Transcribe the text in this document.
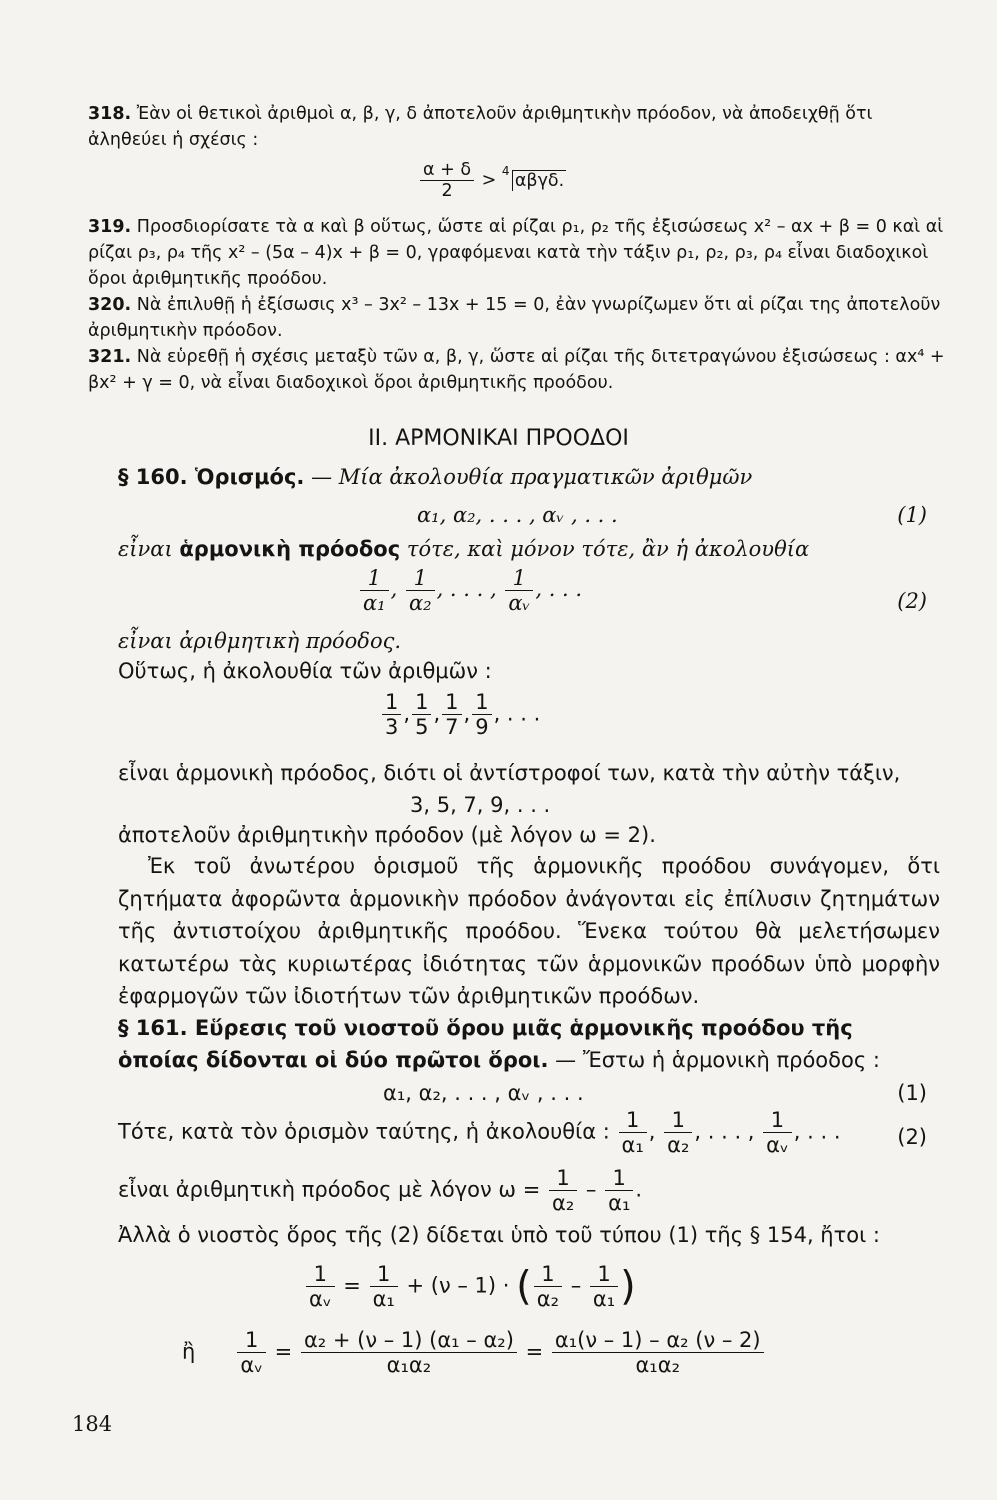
318. Ἐὰν οἱ θετικοὶ ἀριθμοὶ α, β, γ, δ ἀποτελοῦν ἀριθμητικὴν πρόοδον, νὰ ἀποδειχθῇ ὅτι ἀληθεύει ἡ σχέσις :
$\frac{\alpha + \delta}{2} > 4$ αβγδ.
319. Προσδιορίσατε τὰ α καὶ β οὕτως, ὥστε αἱ ρίζαι ρ₁, ρ₂ τῆς ἐξισώσεως x² – αx + β = 0 καὶ αἱ ρίζαι ρ₃, ρ₄ τῆς x² – (5α – 4)x + β = 0, γραφόμεναι κατὰ τὴν τάξιν ρ₁, ρ₂, ρ₃, ρ₄ εἶναι διαδοχικοὶ ὅροι ἀριθμητικῆς προόδου.
320. Νὰ ἐπιλυθῇ ἡ ἐξίσωσις x³ – 3x² – 13x + 15 = 0, ἐὰν γνωρίζωμεν ὅτι αἱ ρίζαι της ἀποτελοῦν ἀριθμητικὴν πρόοδον.
321. Νὰ εὑρεθῇ ἡ σχέσις μεταξὺ τῶν α, β, γ, ὥστε αἱ ρίζαι τῆς διτετραγώνου ἐξισώσεως : αx⁴ + βx² + γ = 0, νὰ εἶναι διαδοχικοὶ ὅροι ἀριθμητικῆς προόδου.
II. ΑΡΜΟΝΙΚΑΙ ΠΡΟΟΔΟΙ
§ 160. Ὁρισμός. — Μία ἀκολουθία πραγματικῶν ἀριθμῶν
α₁, α₂, . . . , αᵥ , . . .	(1)
εἶναι ἁρμονικὴ πρόοδος τότε, καὶ μόνον τότε, ἂν ἡ ἀκολουθία
$\frac{1}{\text{α₁}}$ , $\frac{1}{\text{α₂}}$ , . . . , $\frac{1}{\text{αᵥ}}$ , . . .	(2)
εἶναι ἀριθμητικὴ πρόοδος.
Οὕτως, ἡ ἀκολουθία τῶν ἀριθμῶν :
$\frac{1}{3}$ , $\frac{1}{5}$ , $\frac{1}{7}$ , $\frac{1}{9}$ , . . .
εἶναι ἁρμονικὴ πρόοδος, διότι οἱ ἀντίστροφοί των, κατὰ τὴν αὐτὴν τάξιν,
3, 5, 7, 9, . . .
ἀποτελοῦν ἀριθμητικὴν πρόοδον (μὲ λόγον ω = 2).
Ἐκ τοῦ ἀνωτέρου ὁρισμοῦ τῆς ἁρμονικῆς προόδου συνάγομεν, ὅτι ζητήματα ἀφορῶντα ἁρμονικὴν πρόοδον ἀνάγονται εἰς ἐπίλυσιν ζητημάτων τῆς ἀντιστοίχου ἀριθμητικῆς προόδου. Ἕνεκα τούτου θὰ μελετήσωμεν κατωτέρω τὰς κυριωτέρας ἰδιότητας τῶν ἁρμονικῶν προόδων ὑπὸ μορφὴν ἐφαρμογῶν τῶν ἰδιοτήτων τῶν ἀριθμητικῶν προόδων.
§ 161. Εὕρεσις τοῦ νιοστοῦ ὅρου μιᾶς ἁρμονικῆς προόδου τῆς ὁποίας δίδονται οἱ δύο πρῶτοι ὅροι. — Ἔστω ἡ ἁρμονικὴ πρόοδος :
α₁, α₂, . . . , αᵥ , . . .	(1)
Τότε, κατὰ τὸν ὁρισμὸν ταύτης, ἡ ἀκολουθία : $\frac{1}{\text{α₁}}$ , $\frac{1}{\text{α₂}}$ , . . . , $\frac{1}{\text{αᵥ}}$ , . . .	(2)
εἶναι ἀριθμητικὴ πρόοδος μὲ λόγον $\omega = \frac{1}{\text{α₂}} - \frac{1}{\text{α₁}}$ .
Ἀλλὰ ὁ νιοστὸς ὅρος τῆς (2) δίδεται ὑπὸ τοῦ τύπου (1) τῆς § 154, ἤτοι :
$\frac{1}{\text{αᵥ}} = \frac{1}{\text{α₁}} + (\nu - 1)$ · ( $\frac{1}{\text{α₂}} - \frac{1}{\text{α₁}}$ )
ἢ $\frac{1}{\text{αᵥ}} = \frac{\text{α₂ + (ν – 1) (α₁ – α₂)}}{\text{α₁α₂}} = \frac{\text{α₁(ν – 1) – α₂ (ν – 2)}}{\text{α₁α₂}}$
184
